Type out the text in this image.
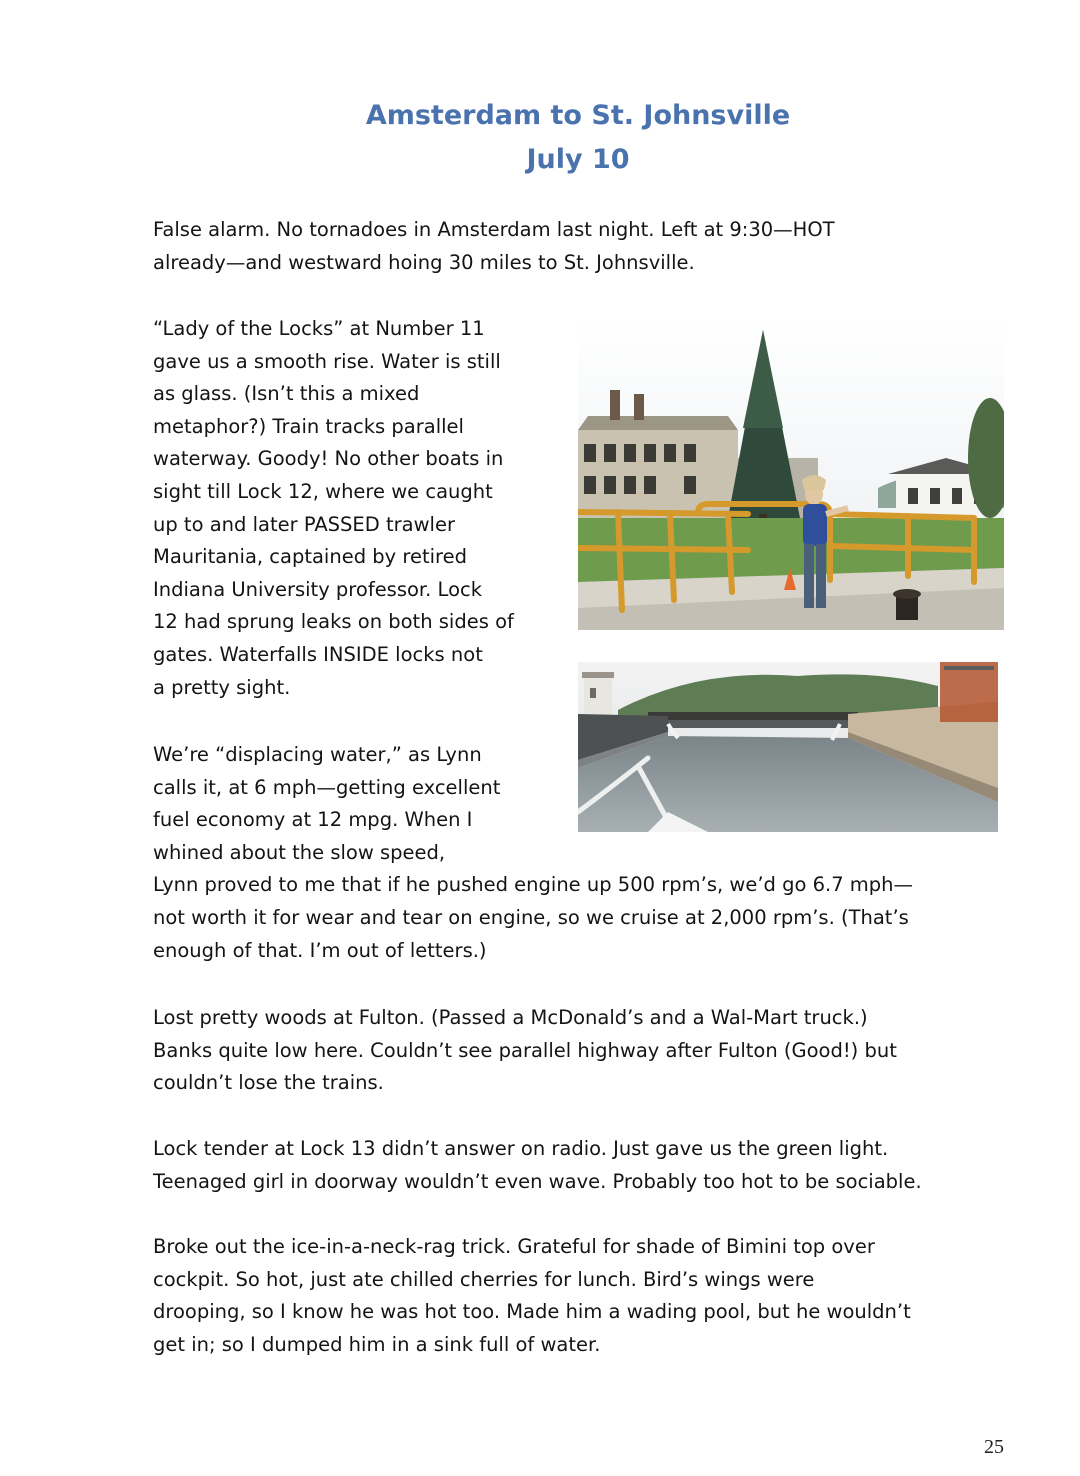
Amsterdam to St. Johnsville
July 10
False alarm. No tornadoes in Amsterdam last night. Left at 9:30—HOT
already—and westward hoing 30 miles to St. Johnsville.
“Lady of the Locks” at Number 11
gave us a smooth rise. Water is still
as glass. (Isn’t this a mixed
metaphor?) Train tracks parallel
waterway. Goody! No other boats in
sight till Lock 12, where we caught
up to and later PASSED trawler
Mauritania, captained by retired
Indiana University professor. Lock
12 had sprung leaks on both sides of
gates. Waterfalls INSIDE locks not
a pretty sight.
We’re “displacing water,” as Lynn
calls it, at 6 mph—getting excellent
fuel economy at 12 mpg. When I
whined about the slow speed,
Lynn proved to me that if he pushed engine up 500 rpm’s, we’d go 6.7 mph—
not worth it for wear and tear on engine, so we cruise at 2,000 rpm’s. (That’s
enough of that. I’m out of letters.)
Lost pretty woods at Fulton. (Passed a McDonald’s and a Wal-Mart truck.)
Banks quite low here. Couldn’t see parallel highway after Fulton (Good!) but
couldn’t lose the trains.
Lock tender at Lock 13 didn’t answer on radio. Just gave us the green light.
Teenaged girl in doorway wouldn’t even wave. Probably too hot to be sociable.
Broke out the ice-in-a-neck-rag trick. Grateful for shade of Bimini top over
cockpit. So hot, just ate chilled cherries for lunch. Bird’s wings were
drooping, so I know he was hot too. Made him a wading pool, but he wouldn’t
get in; so I dumped him in a sink full of water.
25
